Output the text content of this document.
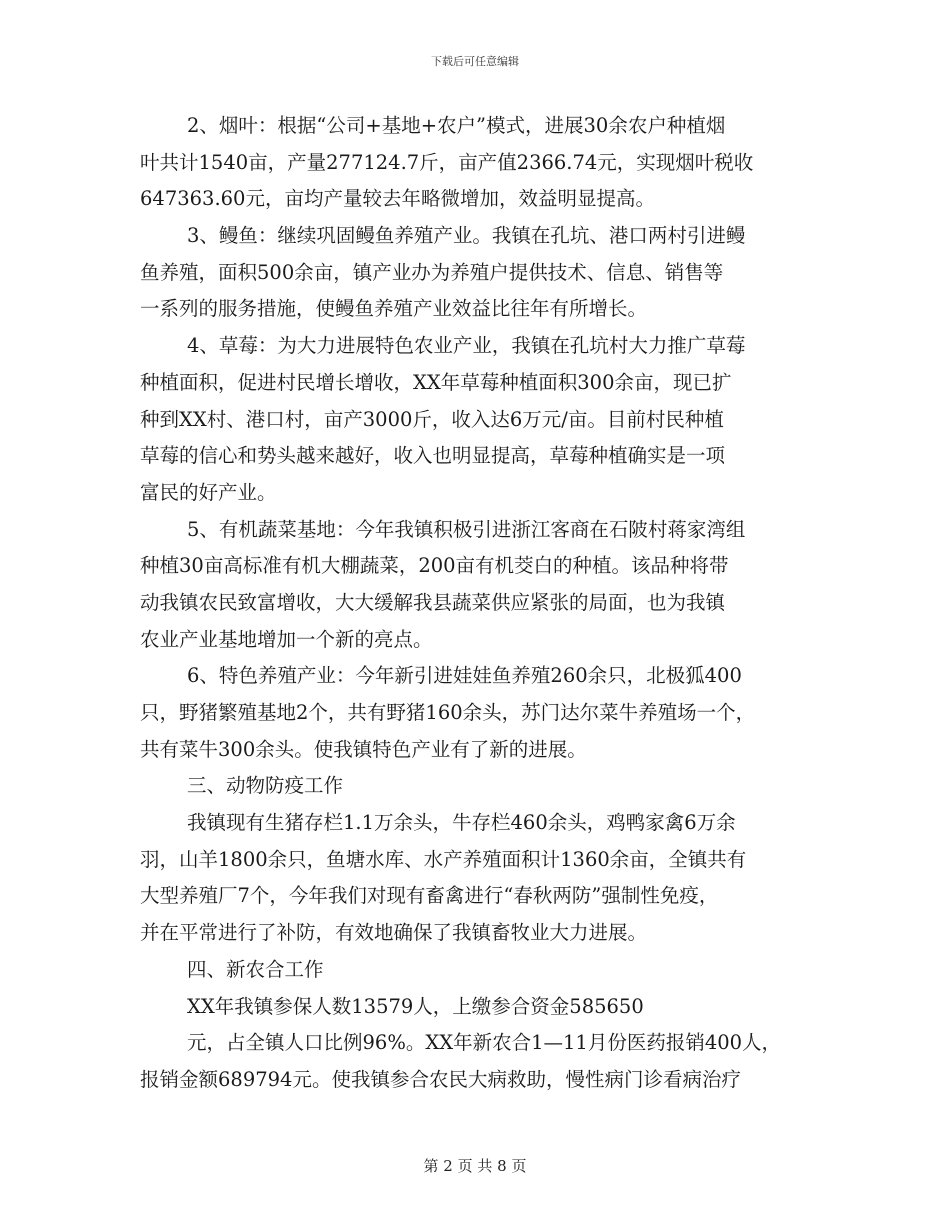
下载后可任意编辑
2、烟叶：根据“公司+基地+农户”模式，进展30余农户种植烟
叶共计1540亩，产量277124.7斤，亩产值2366.74元，实现烟叶税收
647363.60元，亩均产量较去年略微增加，效益明显提高。
3、鳗鱼：继续巩固鳗鱼养殖产业。我镇在孔坑、港口两村引进鳗
鱼养殖，面积500余亩，镇产业办为养殖户提供技术、信息、销售等
一系列的服务措施，使鳗鱼养殖产业效益比往年有所增长。
4、草莓：为大力进展特色农业产业，我镇在孔坑村大力推广草莓
种植面积，促进村民增长增收，XX年草莓种植面积300余亩，现已扩
种到XX村、港口村，亩产3000斤，收入达6万元/亩。目前村民种植
草莓的信心和势头越来越好，收入也明显提高，草莓种植确实是一项
富民的好产业。
5、有机蔬菜基地：今年我镇积极引进浙江客商在石陂村蒋家湾组
种植30亩高标准有机大棚蔬菜，200亩有机茭白的种植。该品种将带
动我镇农民致富增收，大大缓解我县蔬菜供应紧张的局面，也为我镇
农业产业基地增加一个新的亮点。
6、特色养殖产业：今年新引进娃娃鱼养殖260余只，北极狐400
只，野猪繁殖基地2个，共有野猪160余头，苏门达尔菜牛养殖场一个，
共有菜牛300余头。使我镇特色产业有了新的进展。
三、动物防疫工作
我镇现有生猪存栏1.1万余头，牛存栏460余头，鸡鸭家禽6万余
羽，山羊1800余只，鱼塘水库、水产养殖面积计1360余亩，全镇共有
大型养殖厂7个，今年我们对现有畜禽进行“春秋两防”强制性免疫，
并在平常进行了补防，有效地确保了我镇畜牧业大力进展。
四、新农合工作
XX年我镇参保人数13579人，上缴参合资金585650
元，占全镇人口比例96%。XX年新农合1—11月份医药报销400人，
报销金额689794元。使我镇参合农民大病救助，慢性病门诊看病治疗
第 2 页 共 8 页
